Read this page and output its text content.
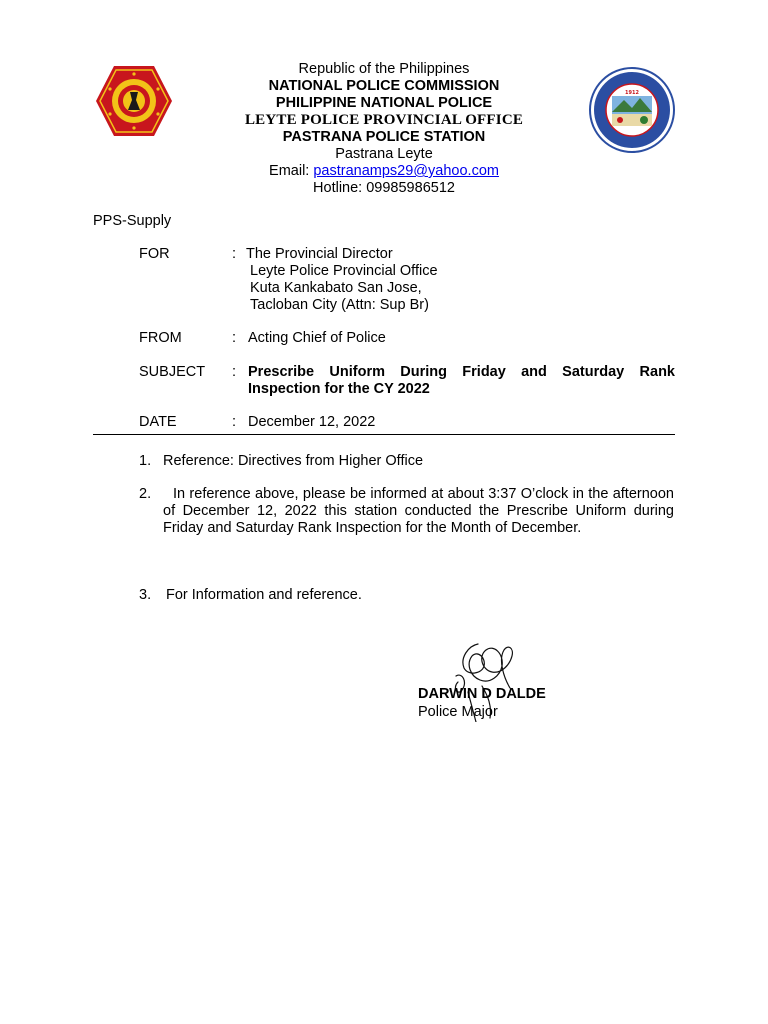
1912
Republic of the Philippines
NATIONAL POLICE COMMISSION
PHILIPPINE NATIONAL POLICE
LEYTE POLICE PROVINCIAL OFFICE
PASTRANA POLICE STATION
Pastrana Leyte
Email: pastranamps29@yahoo.com
Hotline: 09985986512
PPS-Supply
FOR	: The Provincial Director
Leyte Police Provincial Office
Kuta Kankabato San Jose,
Tacloban City (Attn: Sup Br)
FROM	: Acting Chief of Police
SUBJECT : Prescribe Uniform During Friday and Saturday Rank Inspection for the CY 2022
DATE	: December 12, 2022
1. Reference: Directives from Higher Office
2.	In reference above, please be informed at about 3:37 O’clock in the afternoon of December 12, 2022 this station conducted the Prescribe Uniform during Friday and Saturday Rank Inspection for the Month of December.
3. For Information and reference.
DARWIN D DALDE
Police Major
